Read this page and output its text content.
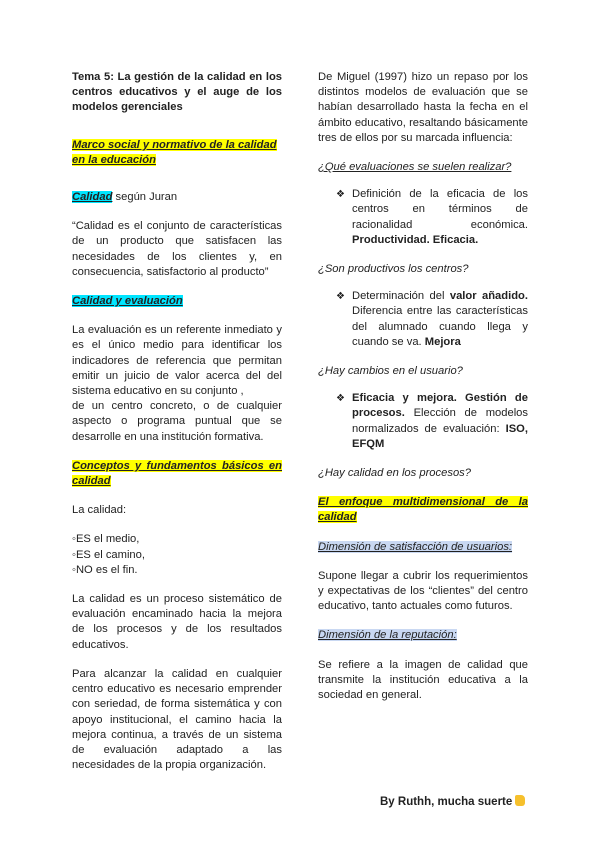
Tema 5: La gestión de la calidad en los centros educativos y el auge de los modelos gerenciales

Marco social y normativo de la calidad en la educación

Calidad según Juran

“Calidad es el conjunto de características de un producto que satisfacen las necesidades de los clientes y, en consecuencia, satisfactorio al producto”

Calidad y evaluación

La evaluación es un referente inmediato y es el único medio para identificar los indicadores de referencia que permitan emitir un juicio de valor acerca del del sistema educativo en su conjunto ,

de un centro concreto, o de cualquier aspecto o programa puntual que se desarrolle en una institución formativa.

Conceptos y fundamentos básicos en calidad

La calidad:

◦ES el medio,

◦ES el camino,

◦NO es el fin.

La calidad es un proceso sistemático de evaluación encaminado hacia la mejora de los procesos y de los resultados educativos.

Para alcanzar la calidad en cualquier centro educativo es necesario emprender con seriedad, de forma sistemática y con apoyo institucional, el camino hacia la mejora continua, a través de un sistema de evaluación adaptado a las necesidades de la propia organización.

De Miguel (1997) hizo un repaso por los distintos modelos de evaluación que se habían desarrollado hasta la fecha en el ámbito educativo, resaltando básicamente tres de ellos por su marcada influencia:

¿Qué evaluaciones se suelen realizar?

❖ Definición de la eficacia de los centros en términos de racionalidad económica. Productividad. Eficacia.

¿Son productivos los centros?

❖ Determinación del valor añadido. Diferencia entre las características del alumnado cuando llega y cuando se va. Mejora

¿Hay cambios en el usuario?

❖ Eficacia y mejora. Gestión de procesos. Elección de modelos normalizados de evaluación: ISO, EFQM

¿Hay calidad en los procesos?

El enfoque multidimensional de la calidad

Dimensión de satisfacción de usuarios:

Supone llegar a cubrir los requerimientos y expectativas de los “clientes” del centro educativo, tanto actuales como futuros.

Dimensión de la reputación:

Se refiere a la imagen de calidad que transmite la institución educativa a la sociedad en general.

By Ruthh, mucha suerte
